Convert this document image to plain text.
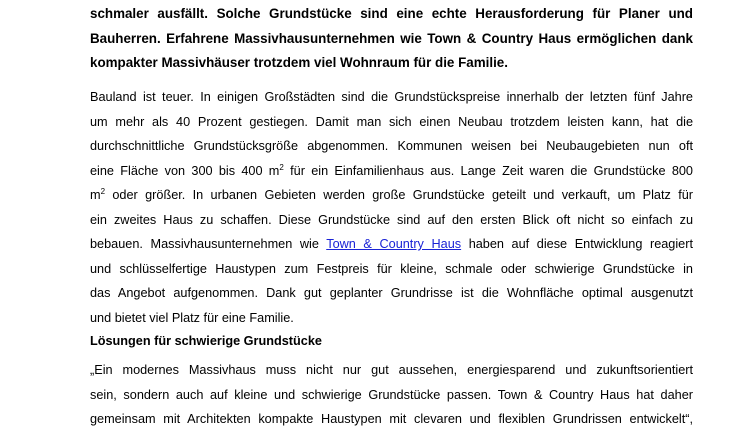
schmaler ausfällt. Solche Grundstücke sind eine echte Herausforderung für Planer und
Bauherren. Erfahrene Massivhausunternehmen wie Town & Country Haus ermöglichen dank
kompakter Massivhäuser trotzdem viel Wohnraum für die Familie.

Bauland ist teuer. In einigen Großstädten sind die Grundstückspreise innerhalb der letzten fünf Jahre
um mehr als 40 Prozent gestiegen. Damit man sich einen Neubau trotzdem leisten kann, hat die
durchschnittliche Grundstücksgröße abgenommen. Kommunen weisen bei Neubaugebieten nun oft
eine Fläche von 300 bis 400 $m^2$ für ein Einfamilienhaus aus. Lange Zeit waren die Grundstücke 800
$m^2$ oder größer. In urbanen Gebieten werden große Grundstücke geteilt und verkauft, um Platz für
ein zweites Haus zu schaffen. Diese Grundstücke sind auf den ersten Blick oft nicht so einfach zu
bebauen. Massivhausunternehmen wie Town & Country Haus haben auf diese Entwicklung reagiert
und schlüsselfertige Haustypen zum Festpreis für kleine, schmale oder schwierige Grundstücke in
das Angebot aufgenommen. Dank gut geplanter Grundrisse ist die Wohnfläche optimal ausgenutzt
und bietet viel Platz für eine Familie.

Lösungen für schwierige Grundstücke

„Ein modernes Massivhaus muss nicht nur gut aussehen, energiesparend und zukunftsorientiert
sein, sondern auch auf kleine und schwierige Grundstücke passen. Town & Country Haus hat daher
gemeinsam mit Architekten kompakte Haustypen mit clevaren und flexiblen Grundrissen entwickelt“,
